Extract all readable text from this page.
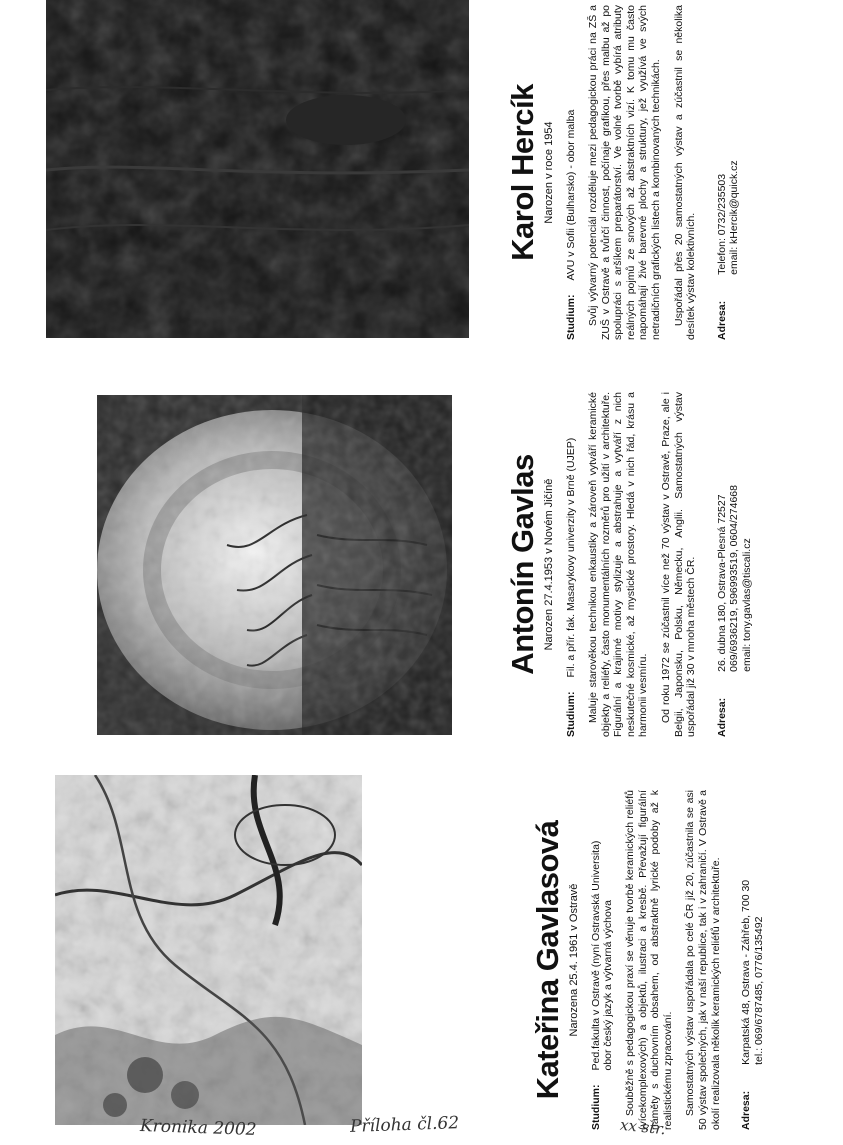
Kateřina Gavlasová Narozena 25.4. 1961 v Ostravě

Studium:
Ped.fakulta v Ostravě (nyní Ostravská Universita) obor český jazyk a výtvarná výchova Souběžně s pedagogickou praxí se věnuje tvorbě keramických reliéfů (vícekomplexových) a objektů, ilustraci a kresbě. Převažují figurální náměty s duchovním obsahem, od abstraktně lyrické podoby až k realistickému zpracování. Samostatných výstav uspořádala po celé ČR již 20, zúčastnila se asi 50 výstav společných, jak v naší republice, tak i v zahraničí. V Ostravě a okolí realizovala několik keramických reliéfů v architektuře. Adresa:
Karpatská 48, Ostrava - Záhřeb, 700 30 tel.: 069/6787485, 0776/135492

Antonín Gavlas Narozen 27.4.1953 v Novém Jičíně

Studium:
Fil. a přír. fak. Masarykovy univerzity v Brně (UJEP) Maluje starověkou technikou enkaustiky a zároveň vytváří keramické objekty a reliéfy, často monumentálních rozměrů pro užití v architektuře. Figurální a krajinné motivy stylizuje a abstrahuje a vytváří z nich neskutečné kosmické, až mystické prostory. Hledá v nich řád, krásu a harmonii vesmíru. Od roku 1972 se zúčastnil více než 70 výstav v Ostravě, Praze, ale i Belgii, Japonsku, Polsku, Německu, Anglii. Samostatných výstav uspořádal již 30 v mnoha městech ČR. Adresa:
26. dubna 180, Ostrava-Plesná 72527 069/6936219, 596993519, 0604/274668 email: tony.gavlas@tiscali.cz

Karol Hercík Narozen v roce 1954

Studium:
AVU v Sofii (Bulharsko) - obor malba Svůj výtvarný potenciál rozděluje mezi pedagogickou práci na ZŠ a ZUŠ v Ostravě a tvůrčí činnost, počínaje grafikou, přes malbu až po spolupráci s aršíkem preparátorství. Ve volné tvorbě vybírá atributy reálných pojmů ze snových až abstraktních vizí. K tomu mu často napomáhají živé barevné plochy a struktury, jež využívá ve svých netradičních grafických listech a kombinovaných technikách. Uspořádal přes 20 samostatných výstav a zúčastnil se několika desítek výstav kolektivních. Adresa:
Telefon: 0732/235503 email: kHercik@quick.cz
Kronika 2002	Příloha čl.62	xx str.
